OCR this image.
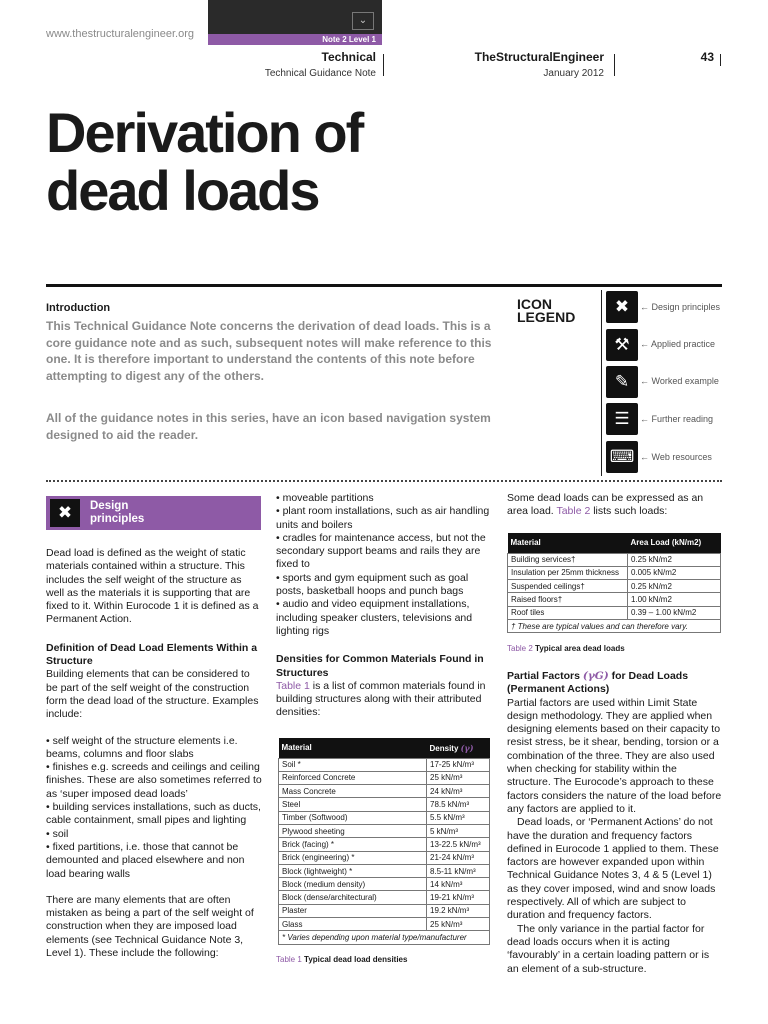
www.thestructuralengineer.org
⌄
Note 2 Level 1
Technical
Technical Guidance Note
TheStructuralEngineer
January 2012
43
Derivation of
dead loads
Introduction
This Technical Guidance Note concerns the derivation of dead loads. This is a core guidance note and as such, subsequent notes will make reference to this one. It is therefore important to understand the contents of this note before attempting to digest any of the others.
All of the guidance notes in this series, have an icon based navigation system designed to aid the reader.
ICON
LEGEND
✖	← Design principles
⚒	← Applied practice
✎	← Worked example
☰	← Further reading
⌨ ← Web resources
✖	Design
principles

Dead load is defined as the weight of static materials contained within a structure. This includes the self weight of the structure as well as the materials it is supporting that are fixed to it. Within Eurocode 1 it is defined as a Permanent Action.

Definition of Dead Load Elements Within a Structure

Building elements that can be considered to be part of the self weight of the construction form the dead load of the structure. Examples include:

• self weight of the structure elements i.e. beams, columns and floor slabs

• finishes e.g. screeds and ceilings and ceiling finishes. These are also sometimes referred to as ‘super imposed dead loads’

• building services installations, such as ducts, cable containment, small pipes and lighting

• soil

• fixed partitions, i.e. those that cannot be demounted and placed elsewhere and non load bearing walls

There are many elements that are often mistaken as being a part of the self weight of construction when they are imposed load elements (see Technical Guidance Note 3, Level 1). These include the following:

• moveable partitions

• plant room installations, such as air handling units and boilers

• cradles for maintenance access, but not the secondary support beams and rails they are fixed to

• sports and gym equipment such as goal posts, basketball hoops and punch bags

• audio and video equipment installations, including speaker clusters, televisions and lighting rigs

Densities for Common Materials Found in Structures

Table 1 is a list of common materials found in building structures along with their attributed densities:

Material	Density (γ)
Soil *	17-25 kN/m³
Reinforced Concrete	25 kN/m³
Mass Concrete	24 kN/m³
Steel	78.5 kN/m³
Timber (Softwood)	5.5 kN/m³
Plywood sheeting	5 kN/m³
Brick (facing) *	13-22.5 kN/m³
Brick (engineering) *	21-24 kN/m³
Block (lightweight) *	8.5-11 kN/m³
Block (medium density)	14 kN/m³
Block (dense/architectural)	19-21 kN/m³
Plaster	19.2 kN/m³
Glass	25 kN/m³
* Varies depending upon material type/manufacturer	
Table 1 Typical dead load densities

Some dead loads can be expressed as an area load. Table 2 lists such loads:

Material	Area Load (kN/m2)
Building services†	0.25 kN/m2
Insulation per 25mm thickness	0.005 kN/m2
Suspended ceilings†	0.25 kN/m2
Raised floors†	1.00 kN/m2
Roof tiles	0.39 – 1.00 kN/m2
† These are typical values and can therefore vary.	
Table 2 Typical area dead loads

Partial Factors (γG) for Dead Loads (Permanent Actions)

Partial factors are used within Limit State design methodology. They are applied when designing elements based on their capacity to resist stress, be it shear, bending, torsion or a combination of the three. They are also used when checking for stability within the structure. The Eurocode’s approach to these factors considers the nature of the load before any factors are applied to it.

Dead loads, or ‘Permanent Actions’ do not have the duration and frequency factors defined in Eurocode 1 applied to them. These factors are however expanded upon within Technical Guidance Notes 3, 4 & 5 (Level 1) as they cover imposed, wind and snow loads respectively. All of which are subject to duration and frequency factors.

The only variance in the partial factor for dead loads occurs when it is acting ‘favourably’ in a certain loading pattern or is an element of a sub-structure.
